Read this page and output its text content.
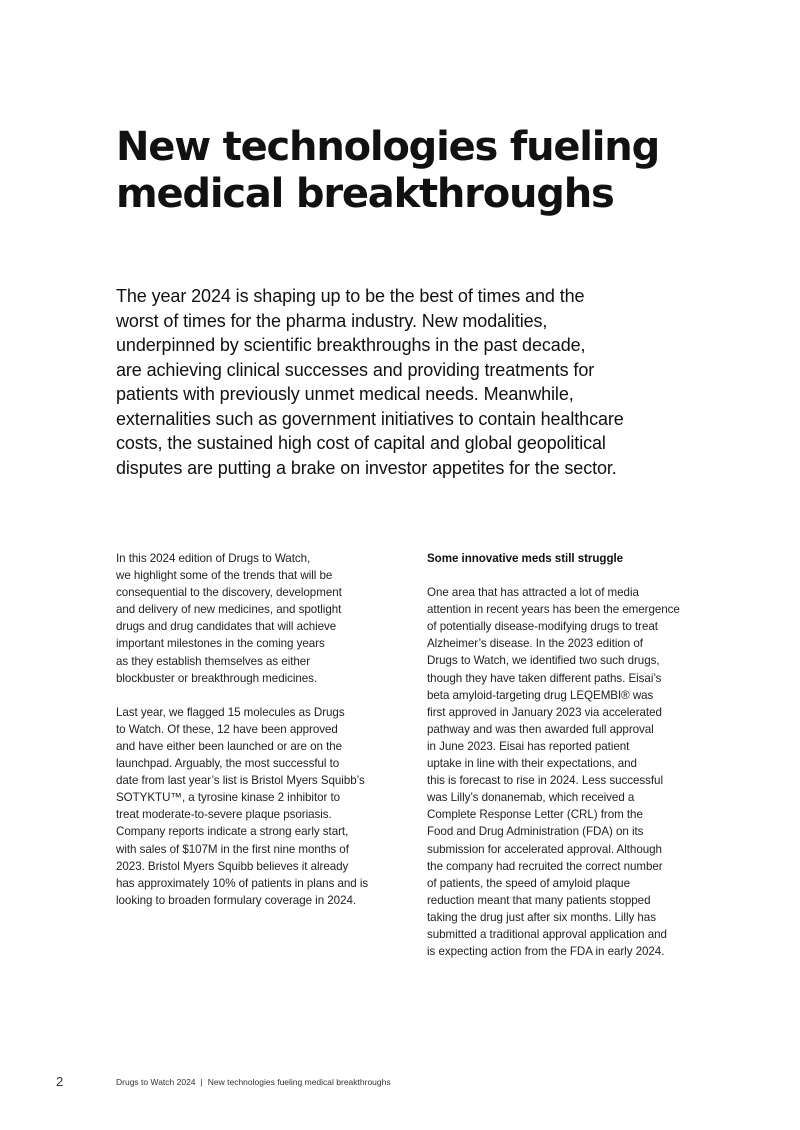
New technologies fueling
medical breakthroughs

The year 2024 is shaping up to be the best of times and the
worst of times for the pharma industry. New modalities,
underpinned by scientific breakthroughs in the past decade,
are achieving clinical successes and providing treatments for
patients with previously unmet medical needs. Meanwhile,
externalities such as government initiatives to contain healthcare
costs, the sustained high cost of capital and global geopolitical
disputes are putting a brake on investor appetites for the sector.

In this 2024 edition of Drugs to Watch,
we highlight some of the trends that will be
consequential to the discovery, development
and delivery of new medicines, and spotlight
drugs and drug candidates that will achieve
important milestones in the coming years
as they establish themselves as either
blockbuster or breakthrough medicines.

Last year, we flagged 15 molecules as Drugs
to Watch. Of these, 12 have been approved
and have either been launched or are on the
launchpad. Arguably, the most successful to
date from last year’s list is Bristol Myers Squibb’s
SOTYKTU™, a tyrosine kinase 2 inhibitor to
treat moderate-to-severe plaque psoriasis.
Company reports indicate a strong early start,
with sales of $107M in the first nine months of
2023. Bristol Myers Squibb believes it already
has approximately 10% of patients in plans and is
looking to broaden formulary coverage in 2024.

Some innovative meds still struggle

One area that has attracted a lot of media
attention in recent years has been the emergence
of potentially disease-modifying drugs to treat
Alzheimer’s disease. In the 2023 edition of
Drugs to Watch, we identified two such drugs,
though they have taken different paths. Eisai’s
beta amyloid-targeting drug LEQEMBI® was
first approved in January 2023 via accelerated
pathway and was then awarded full approval
in June 2023. Eisai has reported patient
uptake in line with their expectations, and
this is forecast to rise in 2024. Less successful
was Lilly’s donanemab, which received a
Complete Response Letter (CRL) from the
Food and Drug Administration (FDA) on its
submission for accelerated approval. Although
the company had recruited the correct number
of patients, the speed of amyloid plaque
reduction meant that many patients stopped
taking the drug just after six months. Lilly has
submitted a traditional approval application and
is expecting action from the FDA in early 2024.

2	Drugs to Watch 2024 | New technologies fueling medical breakthroughs
